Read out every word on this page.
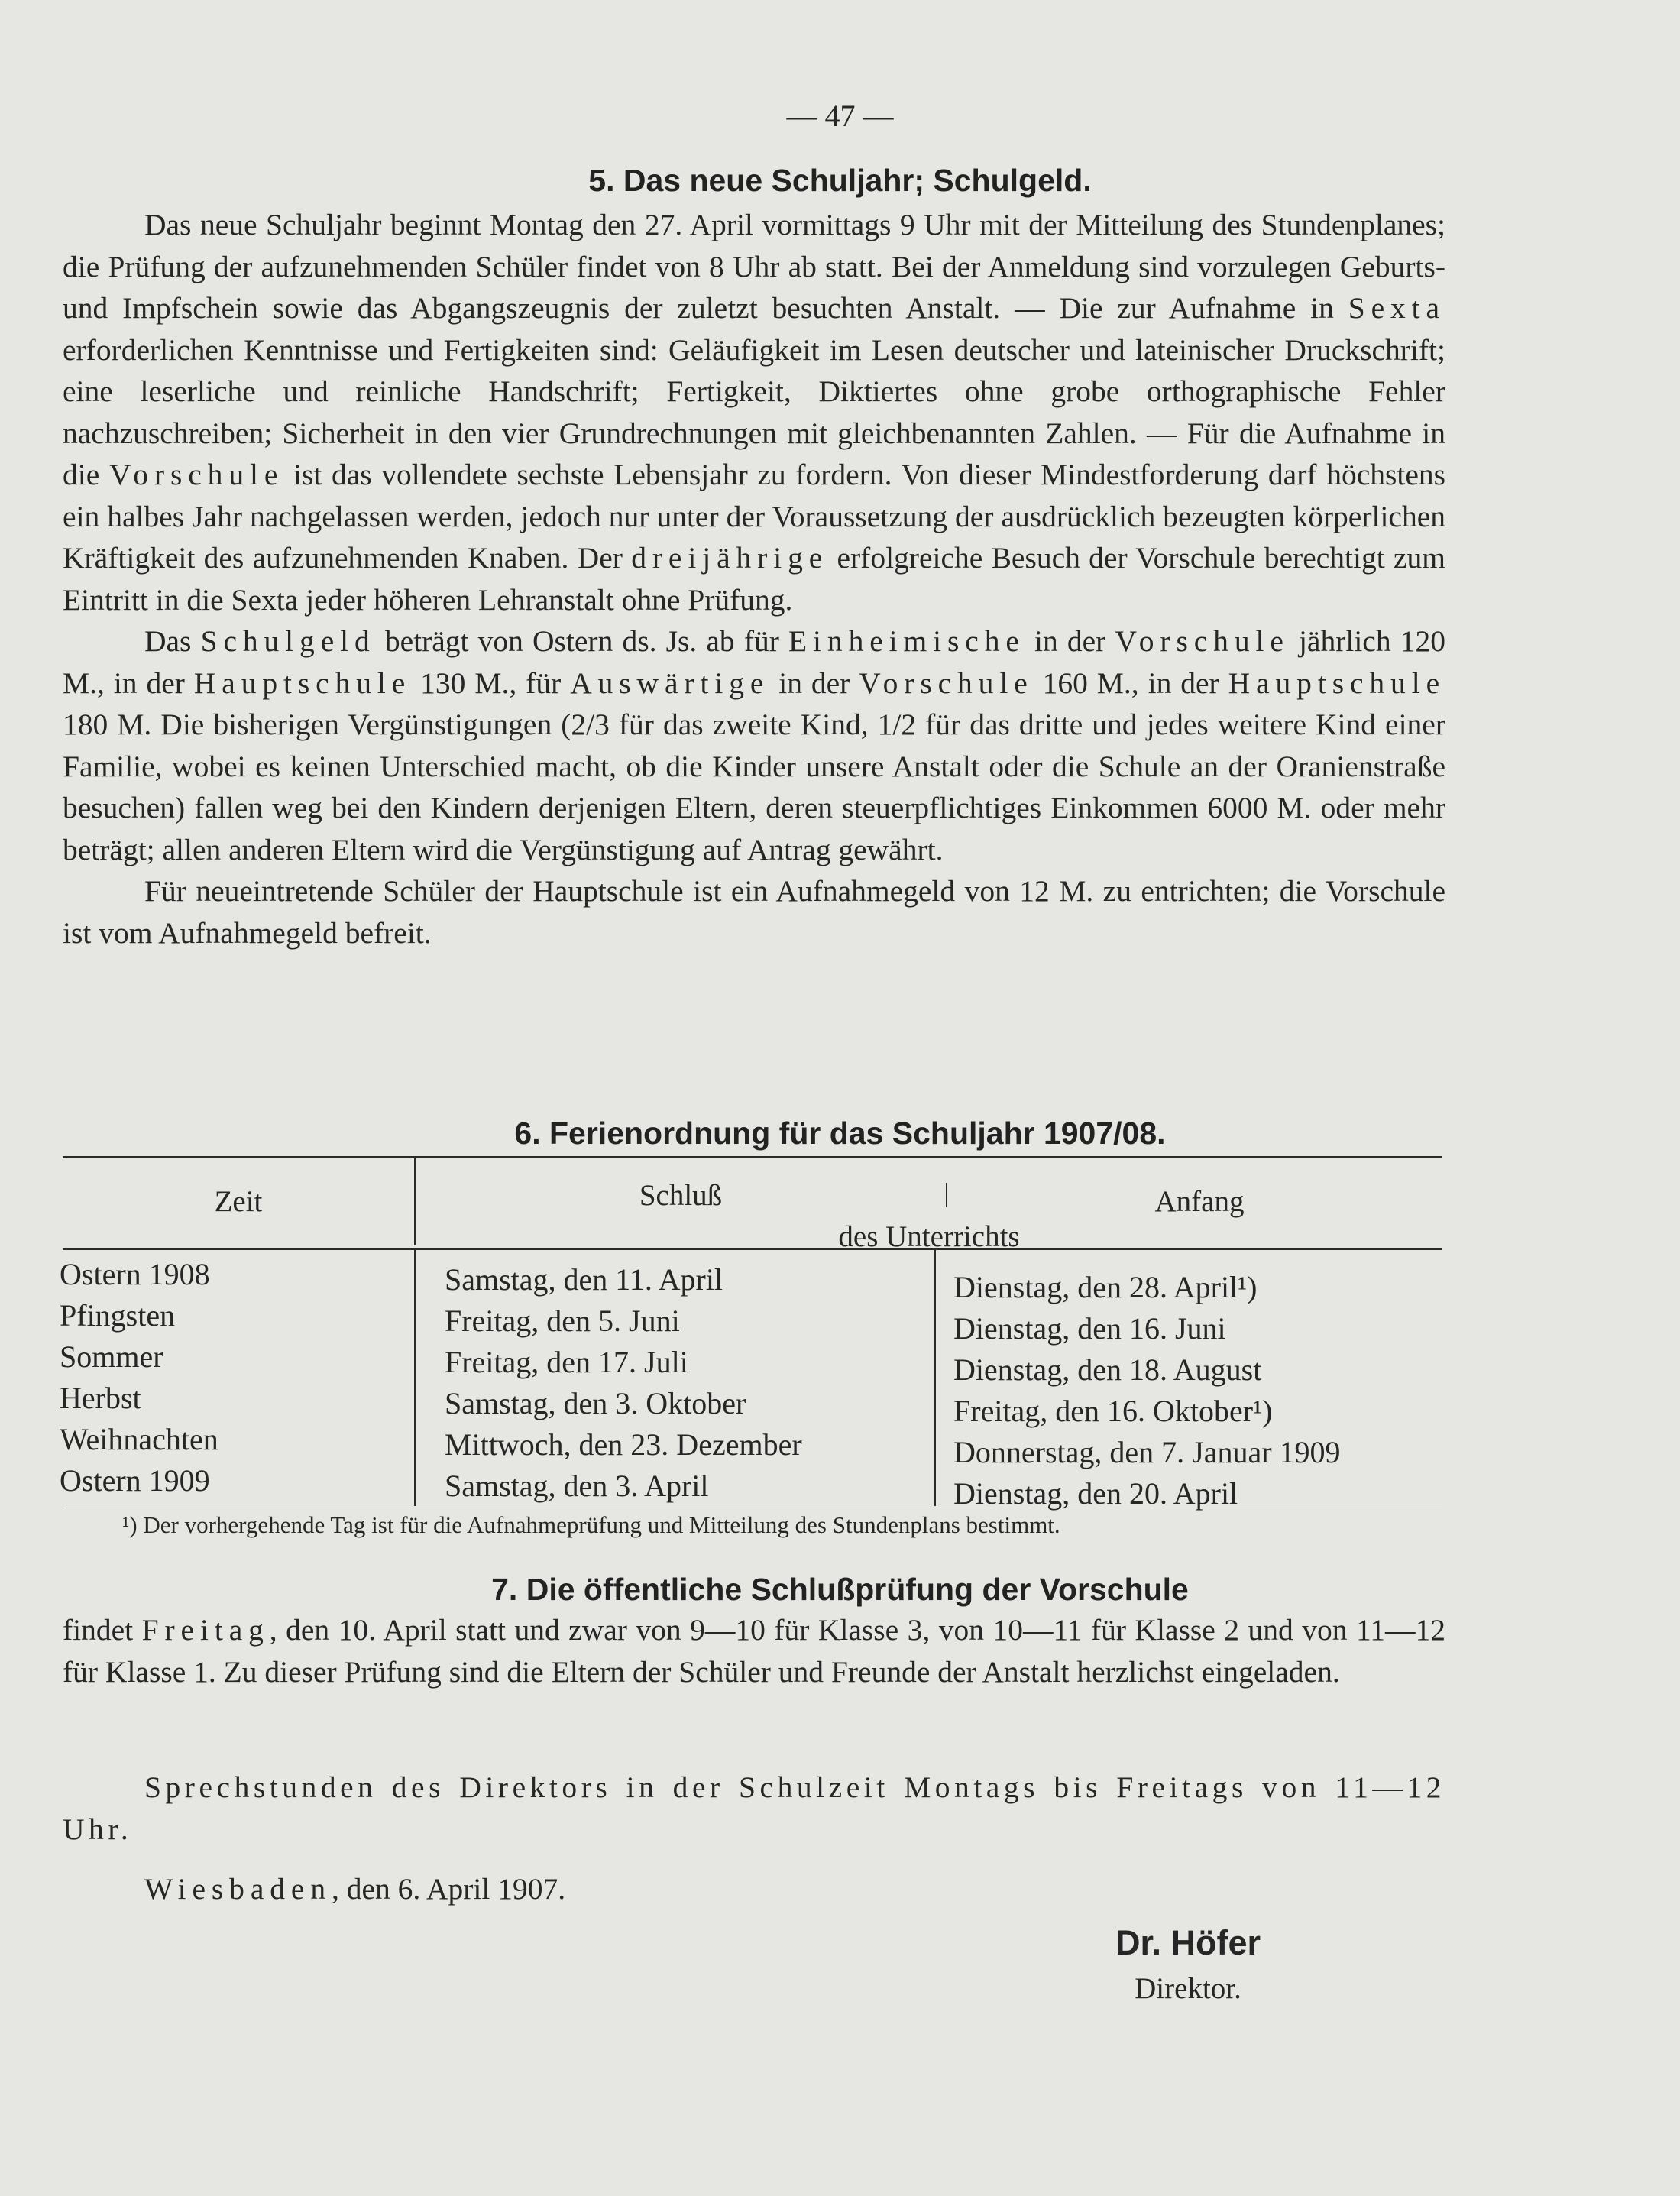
— 47 —
5. Das neue Schuljahr; Schulgeld.

Das neue Schuljahr beginnt Montag den 27. April vormittags 9 Uhr mit der Mitteilung des Stundenplanes; die Prüfung der aufzunehmenden Schüler findet von 8 Uhr ab statt. Bei der Anmeldung sind vorzulegen Geburts- und Impfschein sowie das Abgangszeugnis der zuletzt besuchten Anstalt. — Die zur Aufnahme in Sexta erforderlichen Kenntnisse und Fertigkeiten sind: Geläufigkeit im Lesen deutscher und lateinischer Druckschrift; eine leserliche und reinliche Handschrift; Fertigkeit, Diktiertes ohne grobe orthographische Fehler nachzuschreiben; Sicherheit in den vier Grundrechnungen mit gleichbenannten Zahlen. — Für die Aufnahme in die Vorschule ist das vollendete sechste Lebensjahr zu fordern. Von dieser Mindestforderung darf höchstens ein halbes Jahr nachgelassen werden, jedoch nur unter der Voraussetzung der ausdrücklich bezeugten körperlichen Kräftigkeit des aufzunehmenden Knaben. Der dreijährige erfolgreiche Besuch der Vorschule berechtigt zum Eintritt in die Sexta jeder höheren Lehranstalt ohne Prüfung.

Das Schulgeld beträgt von Ostern ds. Js. ab für Einheimische in der Vorschule jährlich 120 M., in der Hauptschule 130 M., für Auswärtige in der Vorschule 160 M., in der Hauptschule 180 M. Die bisherigen Vergünstigungen (2/3 für das zweite Kind, 1/2 für das dritte und jedes weitere Kind einer Familie, wobei es keinen Unterschied macht, ob die Kinder unsere Anstalt oder die Schule an der Oranienstraße besuchen) fallen weg bei den Kindern derjenigen Eltern, deren steuerpflichtiges Einkommen 6000 M. oder mehr beträgt; allen anderen Eltern wird die Vergünstigung auf Antrag gewährt.

Für neueintretende Schüler der Hauptschule ist ein Aufnahmegeld von 12 M. zu entrichten; die Vorschule ist vom Aufnahmegeld befreit.

6. Ferienordnung für das Schuljahr 1907/08.
Zeit	Schluß	Anfang
des Unterrichts
Ostern 1908	Samstag, den 11. April	Dienstag, den 28. April¹)
Pfingsten	Freitag, den 5. Juni	Dienstag, den 16. Juni
Sommer	Freitag, den 17. Juli	Dienstag, den 18. August
Herbst	Samstag, den 3. Oktober	Freitag, den 16. Oktober¹)
Weihnachten	Mittwoch, den 23. Dezember	Donnerstag, den 7. Januar 1909
Ostern 1909	Samstag, den 3. April	Dienstag, den 20. April
¹) Der vorhergehende Tag ist für die Aufnahmeprüfung und Mitteilung des Stundenplans bestimmt.
7. Die öffentliche Schlußprüfung der Vorschule

findet Freitag, den 10. April statt und zwar von 9—10 für Klasse 3, von 10—11 für Klasse 2 und von 11—12 für Klasse 1. Zu dieser Prüfung sind die Eltern der Schüler und Freunde der Anstalt herzlichst eingeladen.

Sprechstunden des Direktors in der Schulzeit Montags bis Freitags von 11—12 Uhr.

Wiesbaden, den 6. April 1907.

Dr. Höfer
Direktor.
